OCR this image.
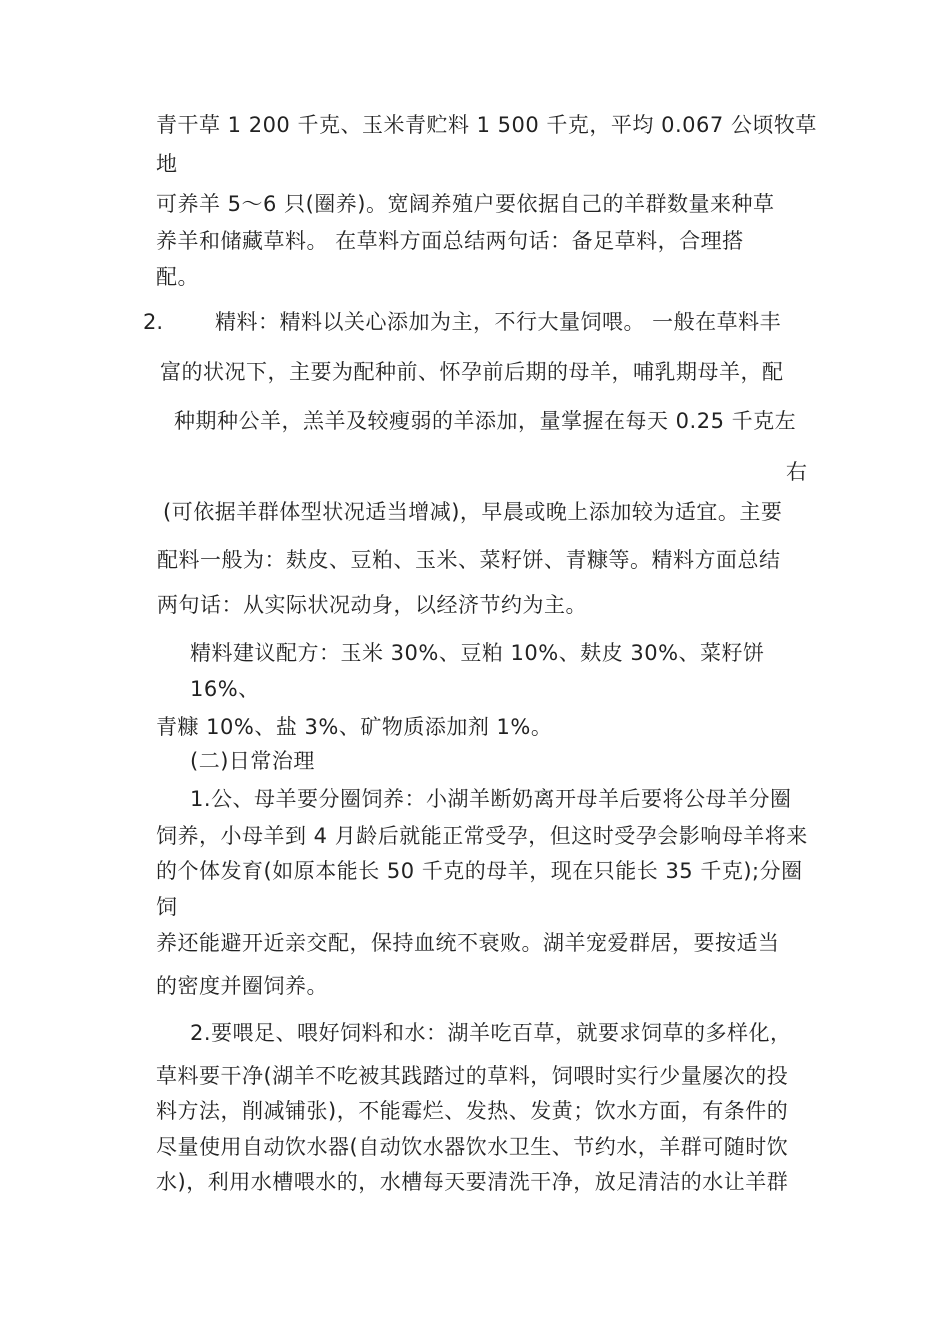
青干草 1 200 千克、玉米青贮料 1 500 千克，平均 0.067 公顷牧草
地
可养羊 5～6 只(圈养)。宽阔养殖户要依据自己的羊群数量来种草
养羊和储藏草料。 在草料方面总结两句话：备足草料，合理搭
配。
2. 精料：精料以关心添加为主，不行大量饲喂。 一般在草料丰
富的状况下，主要为配种前、怀孕前后期的母羊，哺乳期母羊，配
种期种公羊，羔羊及较瘦弱的羊添加，量掌握在每天 0.25 千克左
右
(可依据羊群体型状况适当增减)，早晨或晚上添加较为适宜。主要
配料一般为：麸皮、豆粕、玉米、菜籽饼、青糠等。精料方面总结
两句话：从实际状况动身，以经济节约为主。
精料建议配方：玉米 30%、豆粕 10%、麸皮 30%、菜籽饼
16%、
青糠 10%、盐 3%、矿物质添加剂 1%。
(二)日常治理
1.公、母羊要分圈饲养：小湖羊断奶离开母羊后要将公母羊分圈
饲养，小母羊到 4 月龄后就能正常受孕，但这时受孕会影响母羊将来
的个体发育(如原本能长 50 千克的母羊，现在只能长 35 千克);分圈
饲
养还能避开近亲交配，保持血统不衰败。湖羊宠爱群居，要按适当
的密度并圈饲养。
2.要喂足、喂好饲料和水：湖羊吃百草，就要求饲草的多样化，
草料要干净(湖羊不吃被其践踏过的草料，饲喂时实行少量屡次的投
料方法，削减铺张)，不能霉烂、发热、发黄；饮水方面，有条件的
尽量使用自动饮水器(自动饮水器饮水卫生、节约水，羊群可随时饮
水)，利用水槽喂水的，水槽每天要清洗干净，放足清洁的水让羊群
